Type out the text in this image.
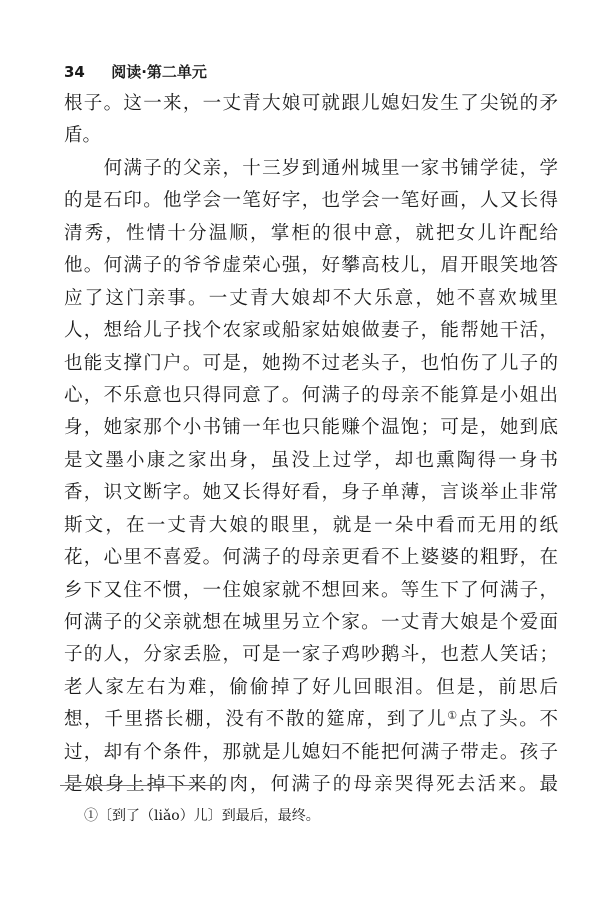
34 阅读·第二单元
根子。这一来，一丈青大娘可就跟儿媳妇发生了尖锐的矛
盾。
　　何满子的父亲，十三岁到通州城里一家书铺学徒，学
的是石印。他学会一笔好字，也学会一笔好画，人又长得
清秀，性情十分温顺，掌柜的很中意，就把女儿许配给
他。何满子的爷爷虚荣心强，好攀高枝儿，眉开眼笑地答
应了这门亲事。一丈青大娘却不大乐意，她不喜欢城里
人，想给儿子找个农家或船家姑娘做妻子，能帮她干活，
也能支撑门户。可是，她拗不过老头子，也怕伤了儿子的
心，不乐意也只得同意了。何满子的母亲不能算是小姐出
身，她家那个小书铺一年也只能赚个温饱；可是，她到底
是文墨小康之家出身，虽没上过学，却也熏陶得一身书
香，识文断字。她又长得好看，身子单薄，言谈举止非常
斯文，在一丈青大娘的眼里，就是一朵中看而无用的纸
花，心里不喜爱。何满子的母亲更看不上婆婆的粗野，在
乡下又住不惯，一住娘家就不想回来。等生下了何满子，
何满子的父亲就想在城里另立个家。一丈青大娘是个爱面
子的人，分家丢脸，可是一家子鸡吵鹅斗，也惹人笑话；
老人家左右为难，偷偷掉了好儿回眼泪。但是，前思后
想，千里搭长棚，没有不散的筵席，到了儿①点了头。不
过，却有个条件，那就是儿媳妇不能把何满子带走。孩子
是娘身上掉下来的肉，何满子的母亲哭得死去活来。最
①〔到了（liǎo）儿〕到最后，最终。
